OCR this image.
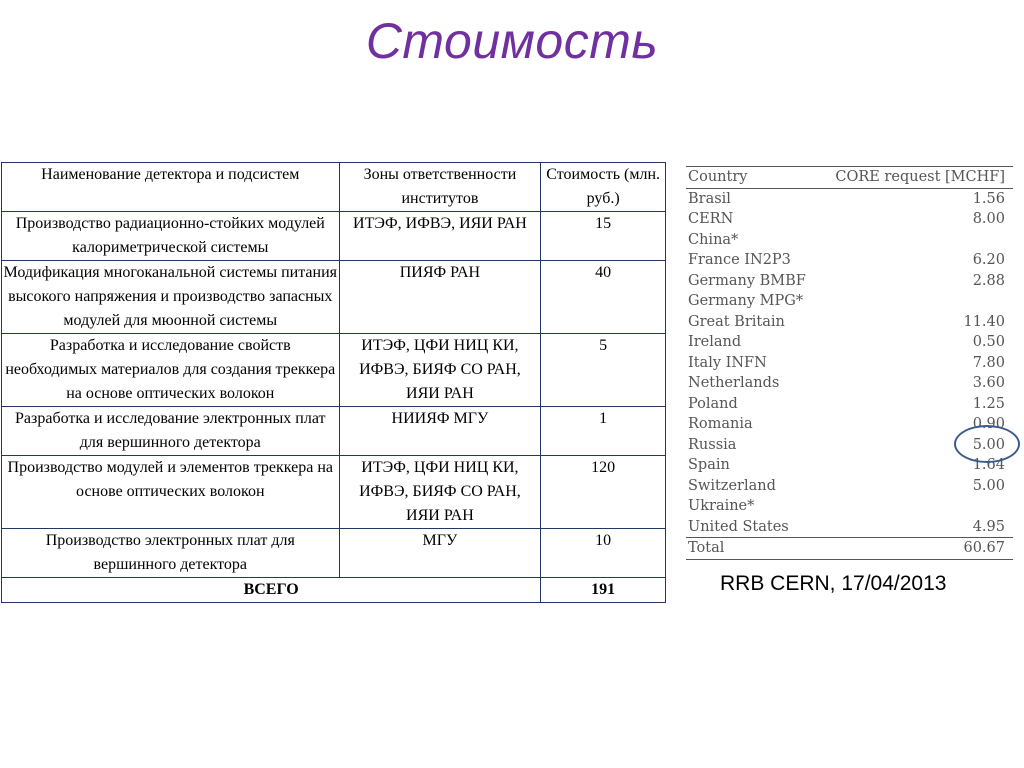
Стоимость
Наименование детектора и подсистем	Зоны ответственности институтов	Стоимость (млн. руб.)
Производство радиационно-стойких модулей калориметрической системы	ИТЭФ, ИФВЭ, ИЯИ РАН	15
Модификация многоканальной системы питания высокого напряжения и производство запасных модулей для мюонной системы	ПИЯФ РАН	40
Разработка и исследование свойств необходимых материалов для создания треккера на основе оптических волокон	ИТЭФ, ЦФИ НИЦ КИ, ИФВЭ, БИЯФ СО РАН, ИЯИ РАН	5
Разработка и исследование электронных плат для вершинного детектора	НИИЯФ МГУ	1
Производство модулей и элементов треккера на основе оптических волокон	ИТЭФ, ЦФИ НИЦ КИ, ИФВЭ, БИЯФ СО РАН, ИЯИ РАН	120
Производство электронных плат для вершинного детектора	МГУ	10
ВСЕГО		191
Country	CORE request [MCHF]
Brasil	1.56
CERN	8.00
China*	
France IN2P3	6.20
Germany BMBF	2.88
Germany MPG*	
Great Britain	11.40
Ireland	0.50
Italy INFN	7.80
Netherlands	3.60
Poland	1.25
Romania	0.90
Russia	5.00
Spain	1.64
Switzerland	5.00
Ukraine*	
United States	4.95
Total	60.67
RRB CERN, 17/04/2013
